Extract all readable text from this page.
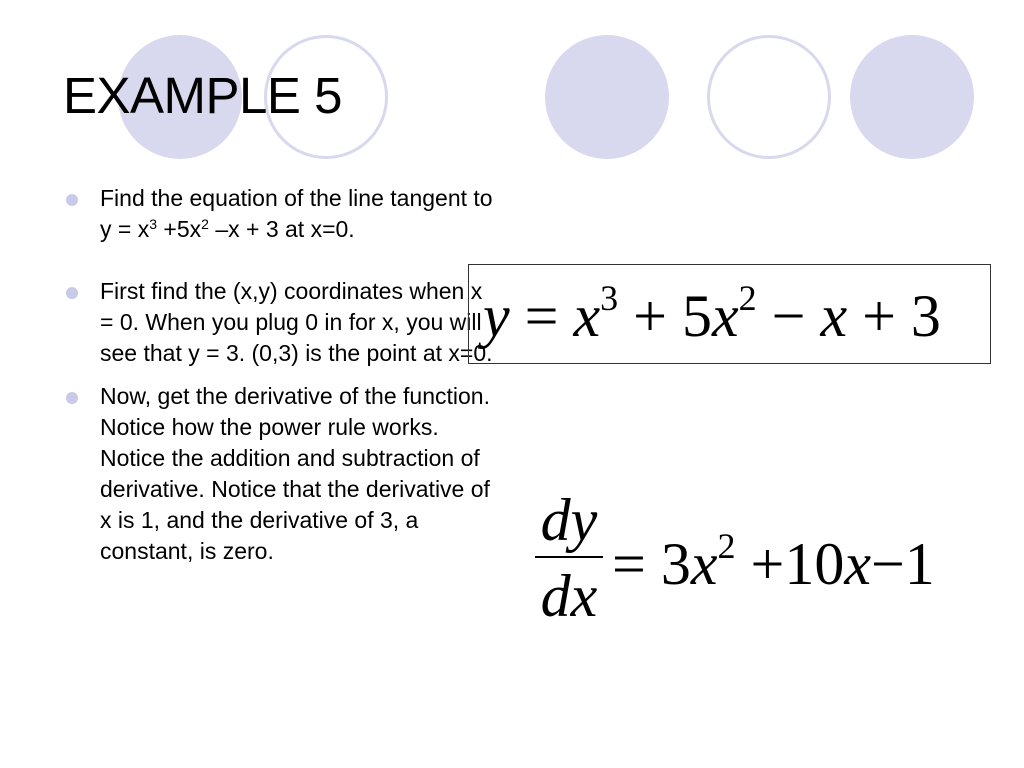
EXAMPLE 5
Find the equation of the line tangent to $y = x^3 +5x^2$ –x + 3 at x=0.
First find the (x,y) coordinates when x = 0. When you plug 0 in for x, you will see that y = 3. (0,3) is the point at x=0.
Now, get the derivative of the function. Notice how the power rule works. Notice the addition and subtraction of derivative. Notice that the derivative of x is 1, and the derivative of 3, a constant, is zero.
$y = x^3 + 5x^2 - x + 3$
dy
dx = $3x^2 +10x-1$
